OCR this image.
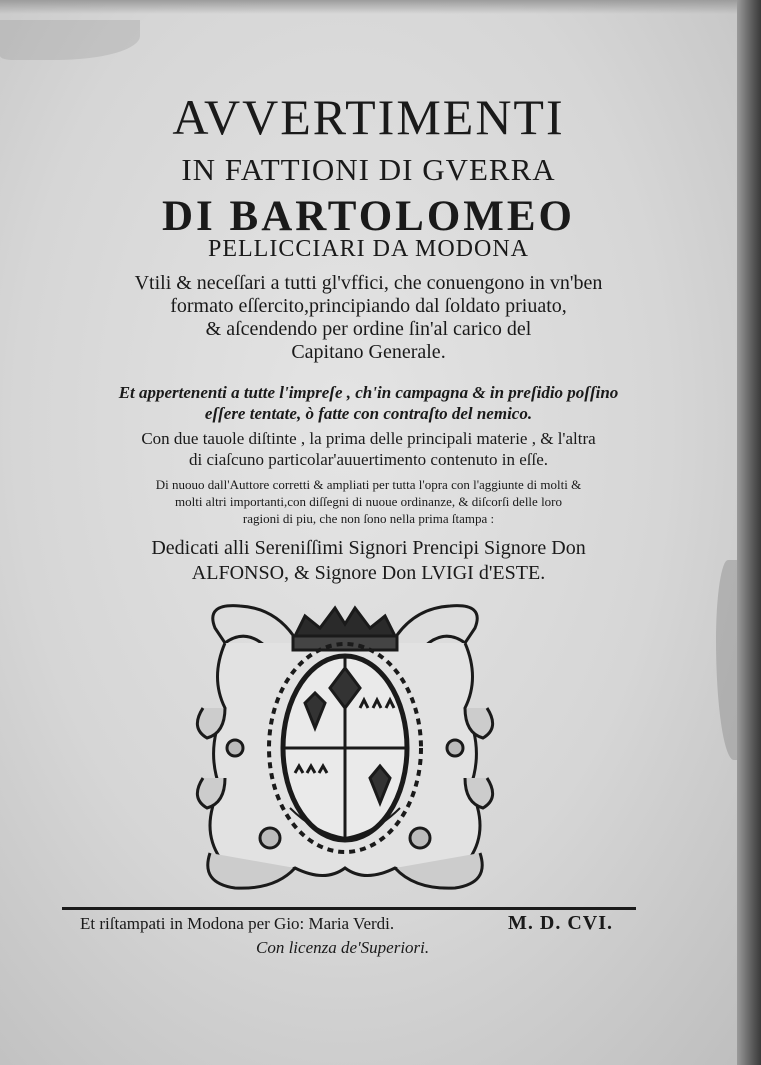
AVVERTIMENTI
IN FATTIONI DI GVERRA
DI BARTOLOMEO
PELLICCIARI DA MODONA
Vtili & neceſſari a tutti gl'vffici, che conuengono in vn'ben
formato eſſercito,principiando dal ſoldato priuato,
& aſcendendo per ordine ſin'al carico del
Capitano Generale.
Et appertenenti a tutte l'impreſe , ch'in campagna & in preſidio poſſino
eſſere tentate, ò fatte con contraſto del nemico.
Con due tauole diſtinte , la prima delle principali materie , & l'altra
di ciaſcuno particolar'auuertimento contenuto in eſſe.
Di nuouo dall'Auttore corretti & ampliati per tutta l'opra con l'aggiunte di molti &
molti altri importanti,con diſſegni di nuoue ordinanze, & diſcorſi delle loro
ragioni di piu, che non ſono nella prima ſtampa :
Dedicati alli Sereniſſimi Signori Prencipi Signore Don
ALFONSO, & Signore Don LVIGI d'ESTE.
Et riſtampati in Modona per Gio: Maria Verdi.	M. D. CVI.
Con licenza de'Superiori.
